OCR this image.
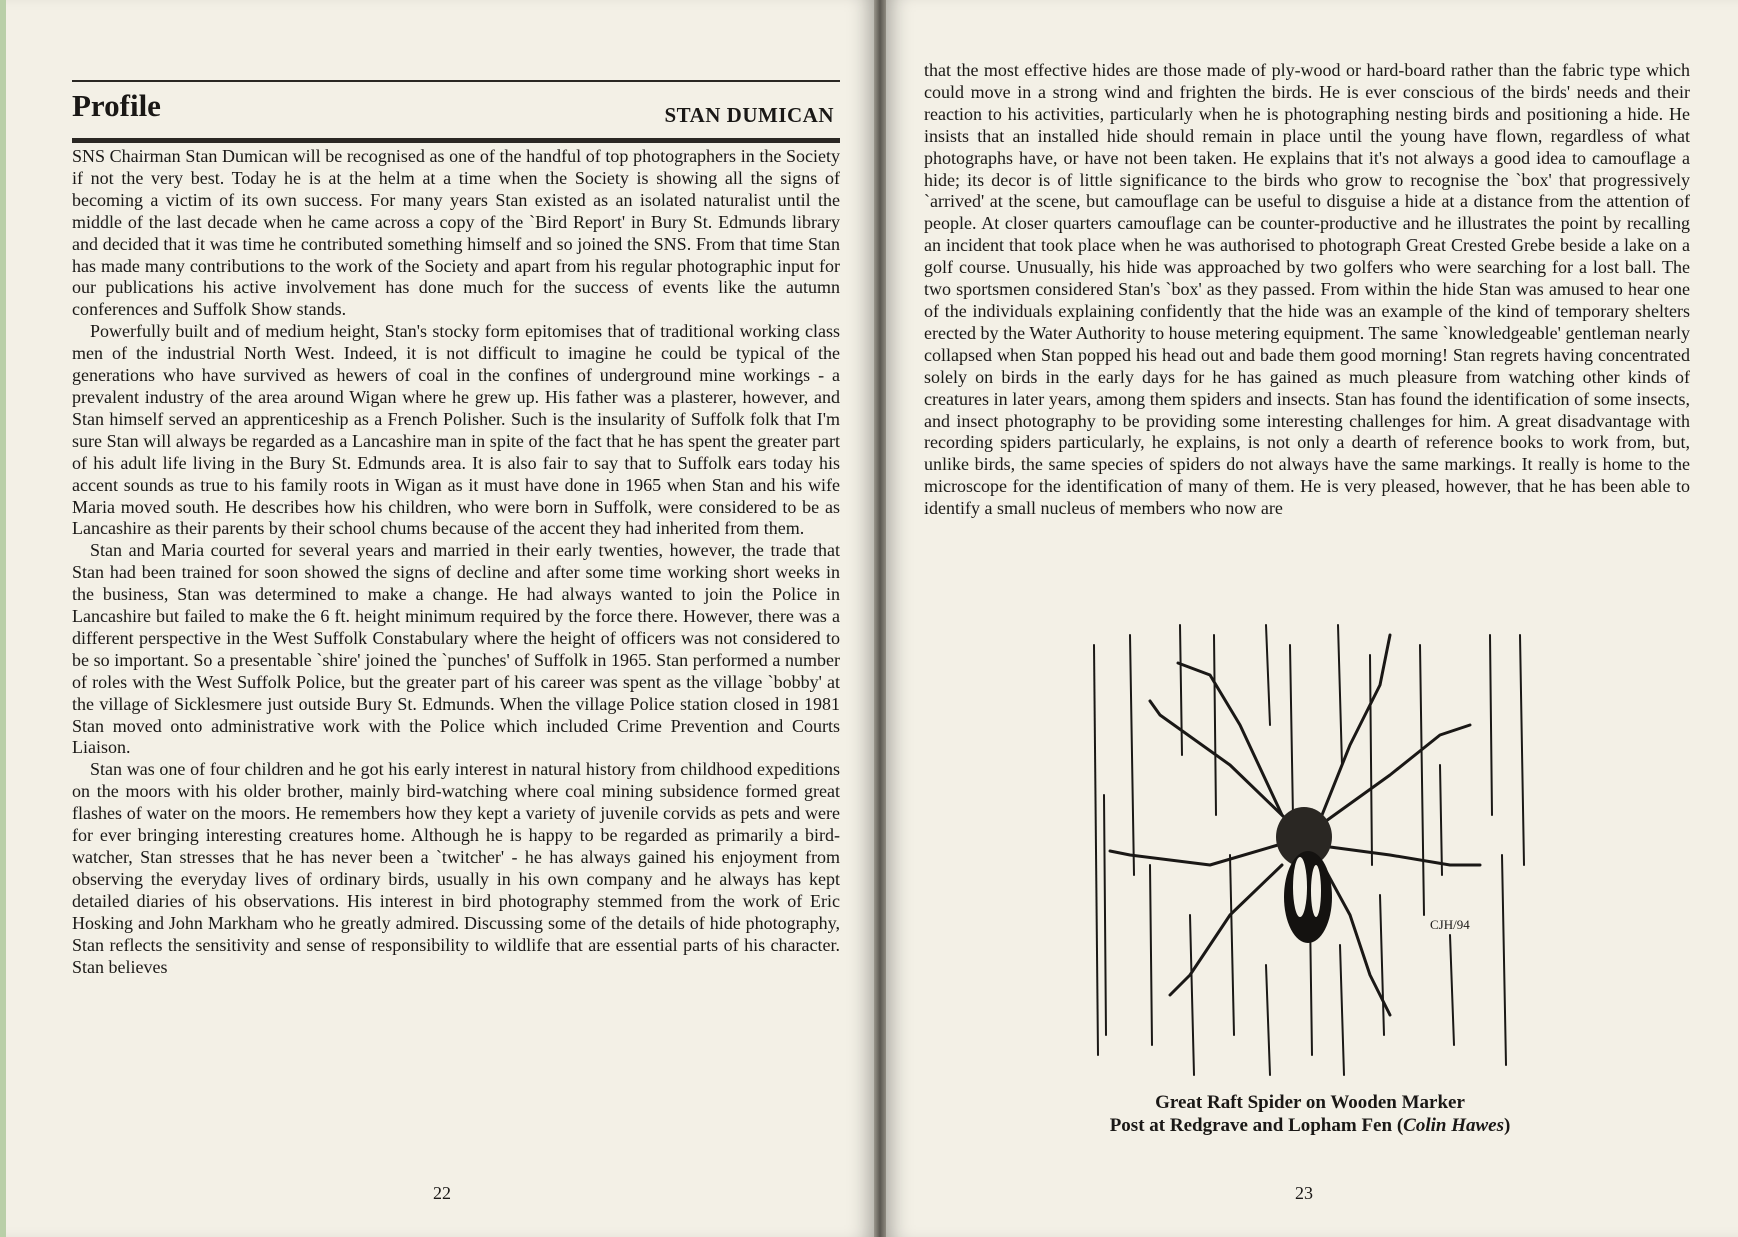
Profile	STAN DUMICAN

SNS Chairman Stan Dumican will be recognised as one of the handful of top photographers in the Society if not the very best. Today he is at the helm at a time when the Society is showing all the signs of becoming a victim of its own success. For many years Stan existed as an isolated naturalist until the middle of the last decade when he came across a copy of the `Bird Report' in Bury St. Edmunds library and decided that it was time he contributed something himself and so joined the SNS. From that time Stan has made many contributions to the work of the Society and apart from his regular photographic input for our publications his active involvement has done much for the success of events like the autumn conferences and Suffolk Show stands.

Powerfully built and of medium height, Stan's stocky form epitomises that of traditional working class men of the industrial North West. Indeed, it is not difficult to imagine he could be typical of the generations who have survived as hewers of coal in the confines of underground mine workings - a prevalent industry of the area around Wigan where he grew up. His father was a plasterer, however, and Stan himself served an apprenticeship as a French Polisher. Such is the insularity of Suffolk folk that I'm sure Stan will always be regarded as a Lancashire man in spite of the fact that he has spent the greater part of his adult life living in the Bury St. Edmunds area. It is also fair to say that to Suffolk ears today his accent sounds as true to his family roots in Wigan as it must have done in 1965 when Stan and his wife Maria moved south. He describes how his children, who were born in Suffolk, were considered to be as Lancashire as their parents by their school chums because of the accent they had inherited from them.

Stan and Maria courted for several years and married in their early twenties, however, the trade that Stan had been trained for soon showed the signs of decline and after some time working short weeks in the business, Stan was determined to make a change. He had always wanted to join the Police in Lancashire but failed to make the 6 ft. height minimum required by the force there. However, there was a different perspective in the West Suffolk Constabulary where the height of officers was not considered to be so important. So a presentable `shire' joined the `punches' of Suffolk in 1965. Stan performed a number of roles with the West Suffolk Police, but the greater part of his career was spent as the village `bobby' at the village of Sicklesmere just outside Bury St. Edmunds. When the village Police station closed in 1981 Stan moved onto administrative work with the Police which included Crime Prevention and Courts Liaison.

Stan was one of four children and he got his early interest in natural history from childhood expeditions on the moors with his older brother, mainly bird-watching where coal mining subsidence formed great flashes of water on the moors. He remembers how they kept a variety of juvenile corvids as pets and were for ever bringing interesting creatures home. Although he is happy to be regarded as primarily a bird-watcher, Stan stresses that he has never been a `twitcher' - he has always gained his enjoyment from observing the everyday lives of ordinary birds, usually in his own company and he always has kept detailed diaries of his observations. His interest in bird photography stemmed from the work of Eric Hosking and John Markham who he greatly admired. Discussing some of the details of hide photography, Stan reflects the sensitivity and sense of responsibility to wildlife that are essential parts of his character. Stan believes

22

that the most effective hides are those made of ply-wood or hard-board rather than the fabric type which could move in a strong wind and frighten the birds. He is ever conscious of the birds' needs and their reaction to his activities, particularly when he is photographing nesting birds and positioning a hide. He insists that an installed hide should remain in place until the young have flown, regardless of what photographs have, or have not been taken. He explains that it's not always a good idea to camouflage a hide; its decor is of little significance to the birds who grow to recognise the `box' that progressively `arrived' at the scene, but camouflage can be useful to disguise a hide at a distance from the attention of people. At closer quarters camouflage can be counter-productive and he illustrates the point by recalling an incident that took place when he was authorised to photograph Great Crested Grebe beside a lake on a golf course. Unusually, his hide was approached by two golfers who were searching for a lost ball. The two sportsmen considered Stan's `box' as they passed. From within the hide Stan was amused to hear one of the individuals explaining confidently that the hide was an example of the kind of temporary shelters erected by the Water Authority to house metering equipment. The same `knowledgeable' gentleman nearly collapsed when Stan popped his head out and bade them good morning! Stan regrets having concentrated solely on birds in the early days for he has gained as much pleasure from watching other kinds of creatures in later years, among them spiders and insects. Stan has found the identification of some insects, and insect photography to be providing some interesting challenges for him. A great disadvantage with recording spiders particularly, he explains, is not only a dearth of reference books to work from, but, unlike birds, the same species of spiders do not always have the same markings. It really is home to the microscope for the identification of many of them. He is very pleased, however, that he has been able to identify a small nucleus of members who now are

CJH/94

Great Raft Spider on Wooden Marker
Post at Redgrave and Lopham Fen (Colin Hawes)

23
